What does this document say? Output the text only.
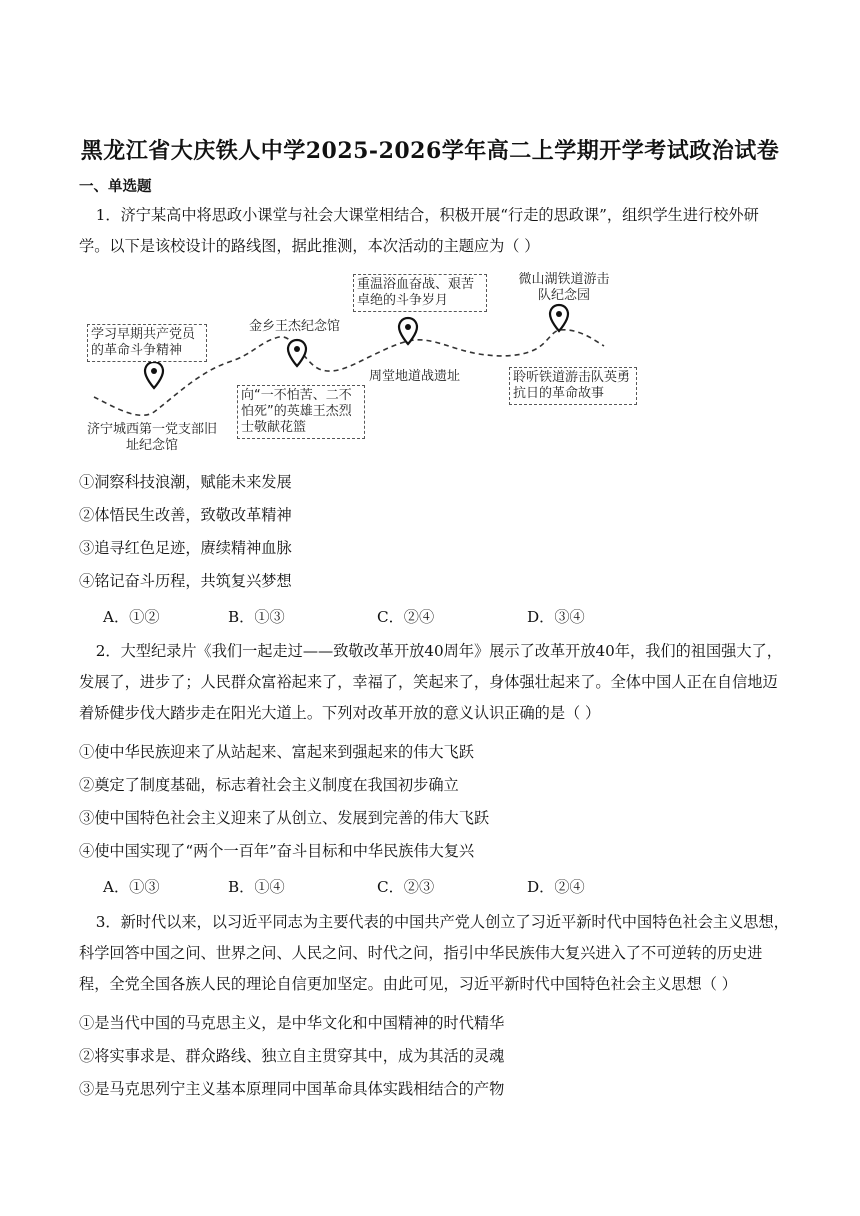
黑龙江省大庆铁人中学2025-2026学年高二上学期开学考试政治试卷
一、单选题
1．济宁某高中将思政小课堂与社会大课堂相结合，积极开展“行走的思政课”，组织学生进行校外研学。以下是该校设计的路线图，据此推测，本次活动的主题应为（ ）
学习早期共产党员的革命斗争精神
济宁城西第一党支部旧址纪念馆
金乡王杰纪念馆
向“一不怕苦、二不怕死”的英雄王杰烈士敬献花篮
重温浴血奋战、艰苦卓绝的斗争岁月
周堂地道战遗址
微山湖铁道游击队纪念园
聆听铁道游击队英勇抗日的革命故事
①洞察科技浪潮，赋能未来发展
②体悟民生改善，致敬改革精神
③追寻红色足迹，赓续精神血脉
④铭记奋斗历程，共筑复兴梦想
A．①②	B．①③	C．②④	D．③④
2．大型纪录片《我们一起走过——致敬改革开放40周年》展示了改革开放40年，我们的祖国强大了，发展了，进步了；人民群众富裕起来了，幸福了，笑起来了，身体强壮起来了。全体中国人正在自信地迈着矫健步伐大踏步走在阳光大道上。下列对改革开放的意义认识正确的是（ ）
①使中华民族迎来了从站起来、富起来到强起来的伟大飞跃
②奠定了制度基础，标志着社会主义制度在我国初步确立
③使中国特色社会主义迎来了从创立、发展到完善的伟大飞跃
④使中国实现了“两个一百年”奋斗目标和中华民族伟大复兴
A．①③	B．①④	C．②③	D．②④
3．新时代以来，以习近平同志为主要代表的中国共产党人创立了习近平新时代中国特色社会主义思想，科学回答中国之问、世界之问、人民之问、时代之问，指引中华民族伟大复兴进入了不可逆转的历史进程，全党全国各族人民的理论自信更加坚定。由此可见，习近平新时代中国特色社会主义思想（ ）
①是当代中国的马克思主义，是中华文化和中国精神的时代精华
②将实事求是、群众路线、独立自主贯穿其中，成为其活的灵魂
③是马克思列宁主义基本原理同中国革命具体实践相结合的产物
